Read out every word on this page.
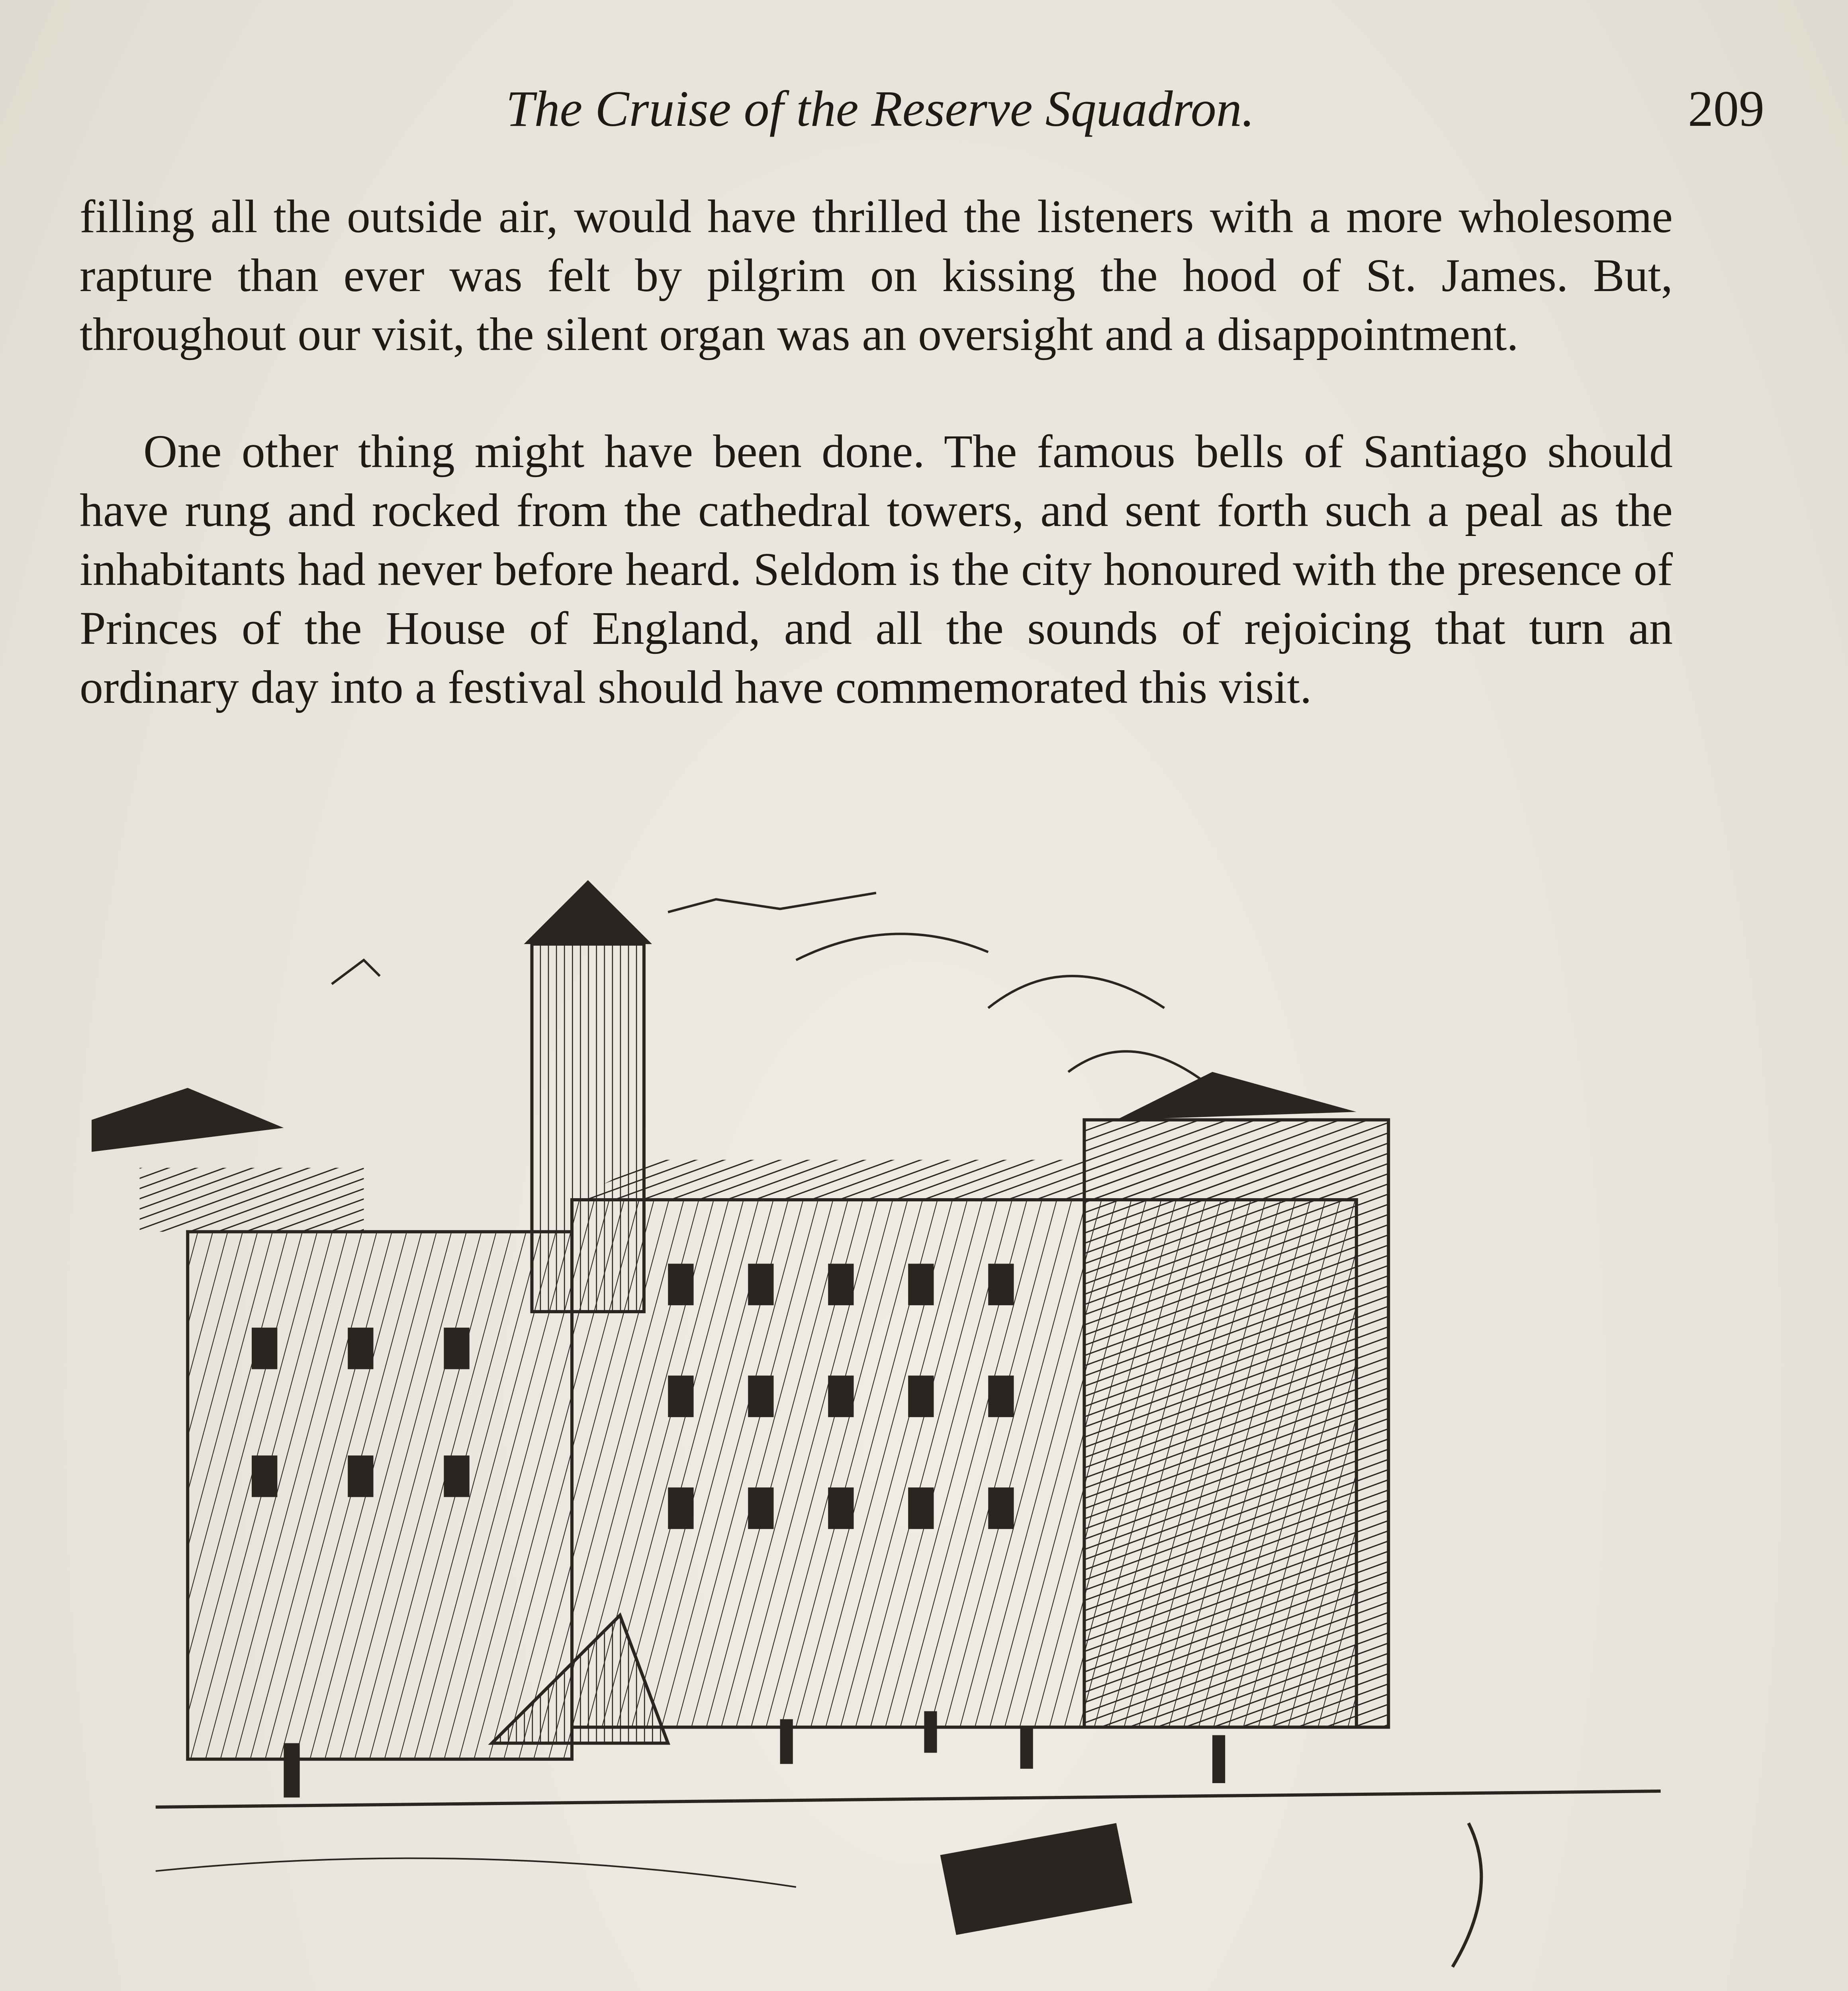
The Cruise of the Reserve Squadron.	209

filling all the outside air, would have thrilled the listeners with a more wholesome rapture than ever was felt by pilgrim on kissing the hood of St. James. But, throughout our visit, the silent organ was an oversight and a disappointment.

One other thing might have been done. The famous bells of Santiago should have rung and rocked from the cathedral towers, and sent forth such a peal as the inhabitants had never before heard. Seldom is the city honoured with the presence of Princes of the House of England, and all the sounds of rejoicing that turn an ordinary day into a festival should have commemorated this visit.
